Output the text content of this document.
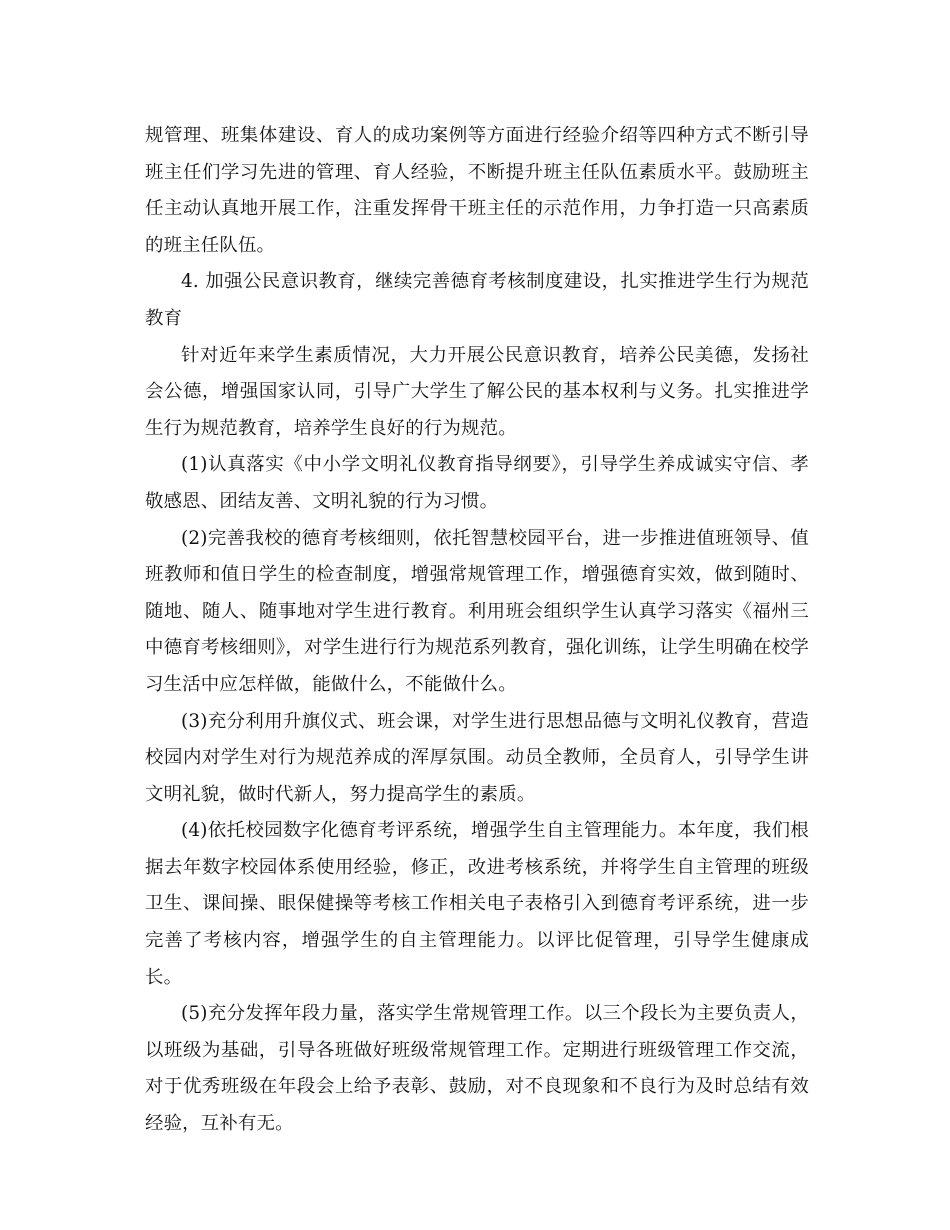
规管理、班集体建设、育人的成功案例等方面进行经验介绍等四种方式不断引导班主任们学习先进的管理、育人经验，不断提升班主任队伍素质水平。鼓励班主任主动认真地开展工作，注重发挥骨干班主任的示范作用，力争打造一只高素质的班主任队伍。

4. 加强公民意识教育，继续完善德育考核制度建设，扎实推进学生行为规范教育

针对近年来学生素质情况，大力开展公民意识教育，培养公民美德，发扬社会公德，增强国家认同，引导广大学生了解公民的基本权利与义务。扎实推进学生行为规范教育，培养学生良好的行为规范。

(1)认真落实《中小学文明礼仪教育指导纲要》，引导学生养成诚实守信、孝敬感恩、团结友善、文明礼貌的行为习惯。

(2)完善我校的德育考核细则，依托智慧校园平台，进一步推进值班领导、值班教师和值日学生的检查制度，增强常规管理工作，增强德育实效，做到随时、随地、随人、随事地对学生进行教育。利用班会组织学生认真学习落实《福州三中德育考核细则》，对学生进行行为规范系列教育，强化训练，让学生明确在校学习生活中应怎样做，能做什么，不能做什么。

(3)充分利用升旗仪式、班会课，对学生进行思想品德与文明礼仪教育，营造校园内对学生对行为规范养成的浑厚氛围。动员全教师，全员育人，引导学生讲文明礼貌，做时代新人，努力提高学生的素质。

(4)依托校园数字化德育考评系统，增强学生自主管理能力。本年度，我们根据去年数字校园体系使用经验，修正，改进考核系统，并将学生自主管理的班级卫生、课间操、眼保健操等考核工作相关电子表格引入到德育考评系统，进一步完善了考核内容，增强学生的自主管理能力。以评比促管理，引导学生健康成长。

(5)充分发挥年段力量，落实学生常规管理工作。以三个段长为主要负责人，以班级为基础，引导各班做好班级常规管理工作。定期进行班级管理工作交流，对于优秀班级在年段会上给予表彰、鼓励，对不良现象和不良行为及时总结有效经验，互补有无。
